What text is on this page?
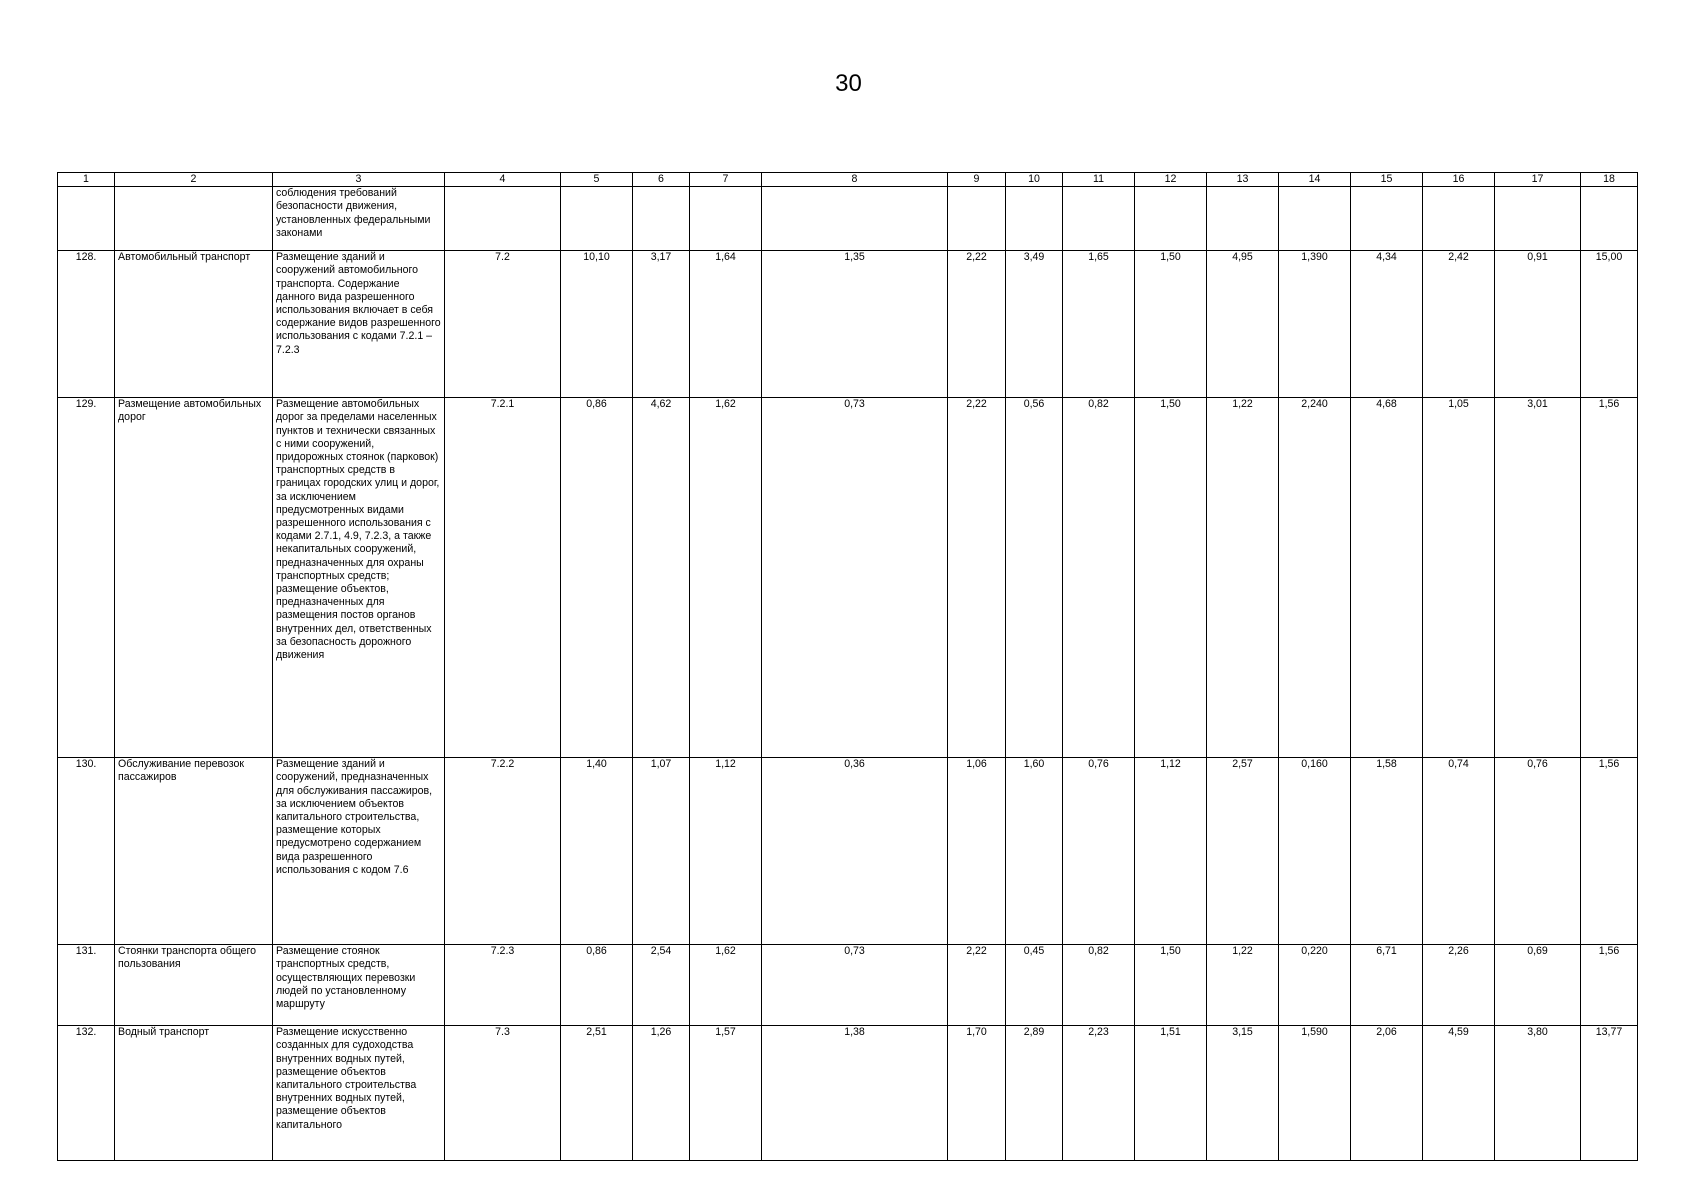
30
1	2	3	4	5	6	7	8	9	10	11	12	13	14	15	16	17	18
		соблюдения требований безопасности движения, установленных федеральными законами															
128.	Автомобильный транспорт	Размещение зданий и сооружений автомобильного транспорта. Содержание данного вида разрешенного использования включает в себя содержание видов разрешенного использования с кодами 7.2.1 – 7.2.3	7.2	10,10	3,17	1,64	1,35	2,22	3,49	1,65	1,50	4,95	1,390	4,34	2,42	0,91	15,00
129.	Размещение автомобильных дорог	Размещение автомобильных дорог за пределами населенных пунктов и технически связанных с ними сооружений, придорожных стоянок (парковок) транспортных средств в границах городских улиц и дорог, за исключением предусмотренных видами разрешенного использования с кодами 2.7.1, 4.9, 7.2.3, а также некапитальных сооружений, предназначенных для охраны транспортных средств; размещение объектов, предназначенных для размещения постов органов внутренних дел, ответственных за безопасность дорожного движения	7.2.1	0,86	4,62	1,62	0,73	2,22	0,56	0,82	1,50	1,22	2,240	4,68	1,05	3,01	1,56
130.	Обслуживание перевозок пассажиров	Размещение зданий и сооружений, предназначенных для обслуживания пассажиров, за исключением объектов капитального строительства, размещение которых предусмотрено содержанием вида разрешенного использования с кодом 7.6	7.2.2	1,40	1,07	1,12	0,36	1,06	1,60	0,76	1,12	2,57	0,160	1,58	0,74	0,76	1,56
131.	Стоянки транспорта общего пользования	Размещение стоянок транспортных средств, осуществляющих перевозки людей по установленному маршруту	7.2.3	0,86	2,54	1,62	0,73	2,22	0,45	0,82	1,50	1,22	0,220	6,71	2,26	0,69	1,56
132.	Водный транспорт	Размещение искусственно созданных для судоходства внутренних водных путей, размещение объектов капитального строительства внутренних водных путей, размещение объектов капитального	7.3	2,51	1,26	1,57	1,38	1,70	2,89	2,23	1,51	3,15	1,590	2,06	4,59	3,80	13,77
